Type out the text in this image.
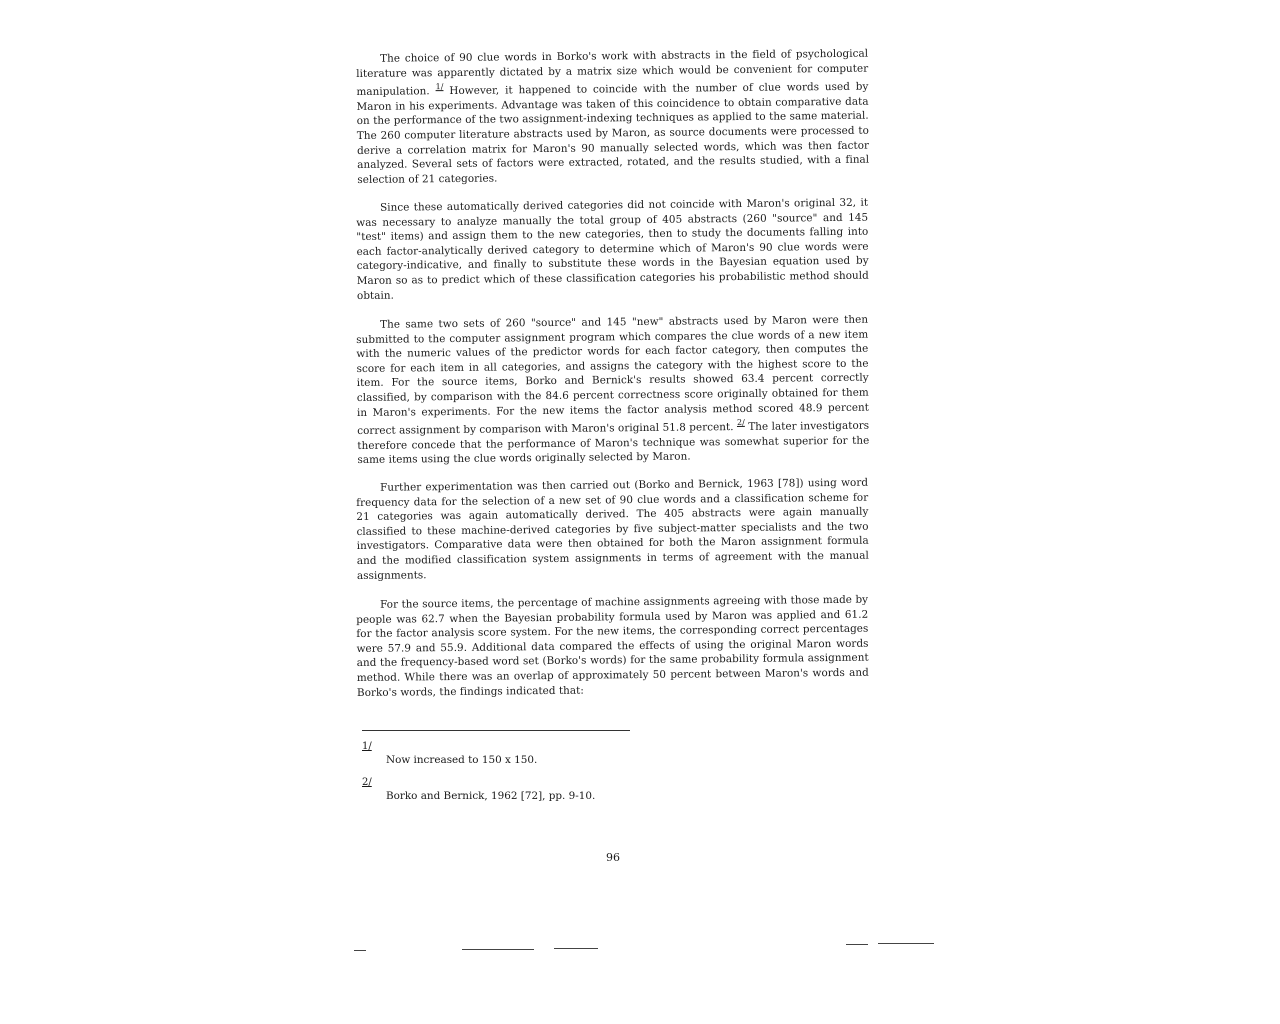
The choice of 90 clue words in Borko's work with abstracts in the field of psychological literature was apparently dictated by a matrix size which would be convenient for computer manipulation. $^{1/}$ However, it happened to coincide with the number of clue words used by Maron in his experiments. Advantage was taken of this coincidence to obtain comparative data on the performance of the two assignment-indexing techniques as applied to the same material. The 260 computer literature abstracts used by Maron, as source documents were processed to derive a correlation matrix for Maron's 90 manually selected words, which was then factor analyzed. Several sets of factors were extracted, rotated, and the results studied, with a final selection of 21 categories.

Since these automatically derived categories did not coincide with Maron's original 32, it was necessary to analyze manually the total group of 405 abstracts (260 "source" and 145 "test" items) and assign them to the new categories, then to study the documents falling into each factor-analytically derived category to determine which of Maron's 90 clue words were category-indicative, and finally to substitute these words in the Bayesian equation used by Maron so as to predict which of these classification categories his probabilistic method should obtain.

The same two sets of 260 "source" and 145 "new" abstracts used by Maron were then submitted to the computer assignment program which compares the clue words of a new item with the numeric values of the predictor words for each factor category, then computes the score for each item in all categories, and assigns the category with the highest score to the item. For the source items, Borko and Bernick's results showed 63.4 percent correctly classified, by comparison with the 84.6 percent correctness score originally obtained for them in Maron's experiments. For the new items the factor analysis method scored 48.9 percent correct assignment by comparison with Maron's original 51.8 percent. $^{2/}$ The later investigators therefore concede that the performance of Maron's technique was somewhat superior for the same items using the clue words originally selected by Maron.

Further experimentation was then carried out (Borko and Bernick, 1963 [78]) using word frequency data for the selection of a new set of 90 clue words and a classification scheme for 21 categories was again automatically derived. The 405 abstracts were again manually classified to these machine-derived categories by five subject-matter specialists and the two investigators. Comparative data were then obtained for both the Maron assignment formula and the modified classification system assignments in terms of agreement with the manual assignments.

For the source items, the percentage of machine assignments agreeing with those made by people was 62.7 when the Bayesian probability formula used by Maron was applied and 61.2 for the factor analysis score system. For the new items, the corresponding correct percentages were 57.9 and 55.9. Additional data compared the effects of using the original Maron words and the frequency-based word set (Borko's words) for the same probability formula assignment method. While there was an overlap of approximately 50 percent between Maron's words and Borko's words, the findings indicated that:

1/
Now increased to 150 x 150.
2/
Borko and Bernick, 1962 [72], pp. 9-10.
96
